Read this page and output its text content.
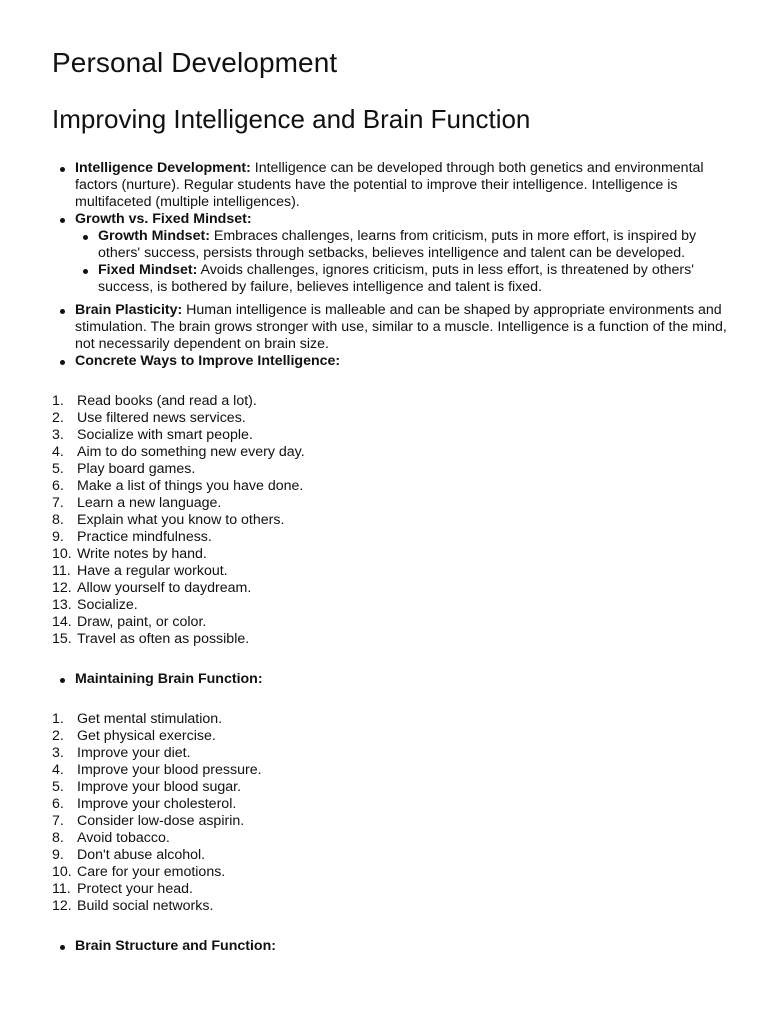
Personal Development
Improving Intelligence and Brain Function
Intelligence Development: Intelligence can be developed through both genetics and environmental factors (nurture). Regular students have the potential to improve their intelligence. Intelligence is multifaceted (multiple intelligences).
Growth vs. Fixed Mindset:
Growth Mindset: Embraces challenges, learns from criticism, puts in more effort, is inspired by others' success, persists through setbacks, believes intelligence and talent can be developed.
Fixed Mindset: Avoids challenges, ignores criticism, puts in less effort, is threatened by others' success, is bothered by failure, believes intelligence and talent is fixed.
Brain Plasticity: Human intelligence is malleable and can be shaped by appropriate environments and stimulation. The brain grows stronger with use, similar to a muscle. Intelligence is a function of the mind, not necessarily dependent on brain size.
Concrete Ways to Improve Intelligence:
1. Read books (and read a lot).
2. Use filtered news services.
3. Socialize with smart people.
4. Aim to do something new every day.
5. Play board games.
6. Make a list of things you have done.
7. Learn a new language.
8. Explain what you know to others.
9. Practice mindfulness.
10. Write notes by hand.
11. Have a regular workout.
12. Allow yourself to daydream.
13. Socialize.
14. Draw, paint, or color.
15. Travel as often as possible.
Maintaining Brain Function:
1. Get mental stimulation.
2. Get physical exercise.
3. Improve your diet.
4. Improve your blood pressure.
5. Improve your blood sugar.
6. Improve your cholesterol.
7. Consider low-dose aspirin.
8. Avoid tobacco.
9. Don't abuse alcohol.
10. Care for your emotions.
11. Protect your head.
12. Build social networks.
Brain Structure and Function:
